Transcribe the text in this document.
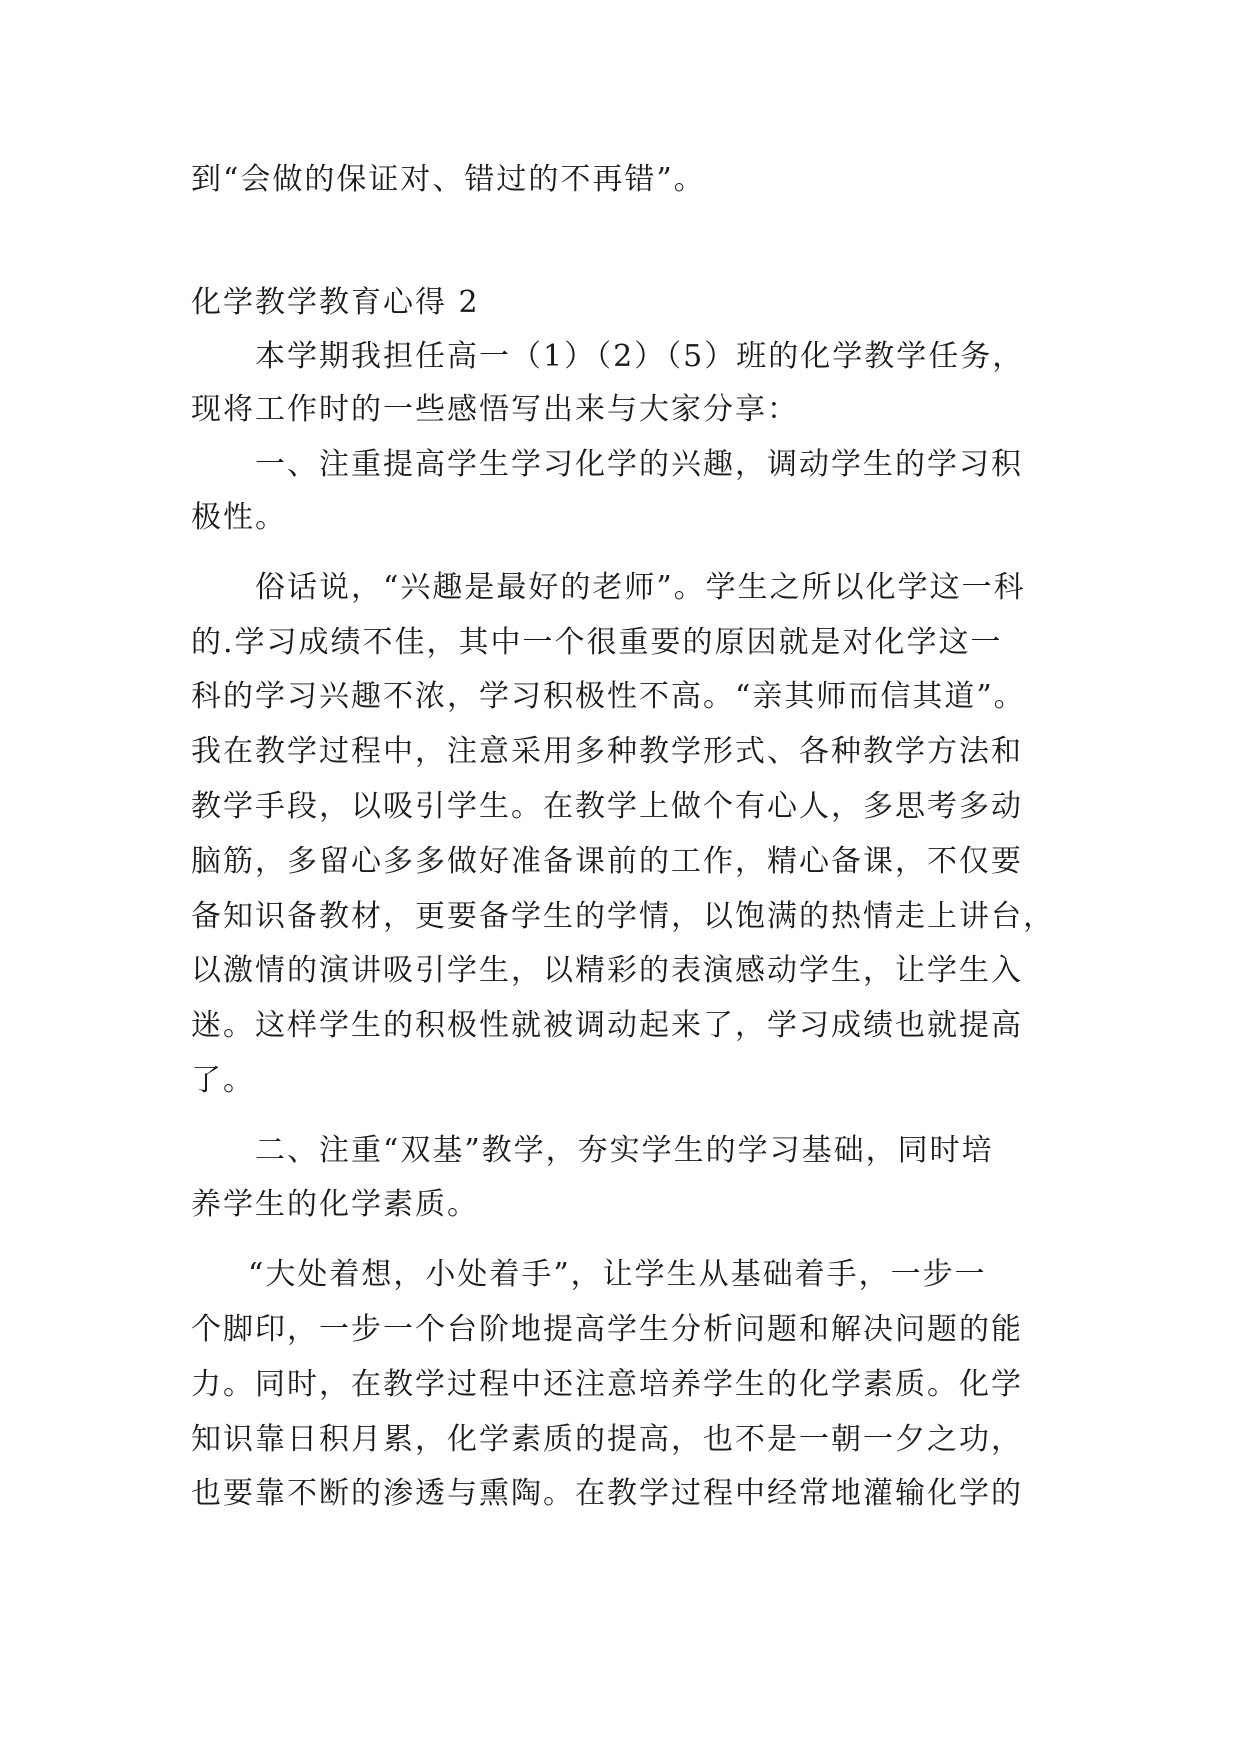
到“会做的保证对、错过的不再错”。
化学教学教育心得 2
本学期我担任高一（1）（2）（5）班的化学教学任务，
现将工作时的一些感悟写出来与大家分享：
一、注重提高学生学习化学的兴趣，调动学生的学习积
极性。
俗话说，“兴趣是最好的老师”。学生之所以化学这一科
的.学习成绩不佳，其中一个很重要的原因就是对化学这一
科的学习兴趣不浓，学习积极性不高。“亲其师而信其道”。
我在教学过程中，注意采用多种教学形式、各种教学方法和
教学手段，以吸引学生。在教学上做个有心人，多思考多动
脑筋，多留心多多做好准备课前的工作，精心备课，不仅要
备知识备教材，更要备学生的学情，以饱满的热情走上讲台，
以激情的演讲吸引学生，以精彩的表演感动学生，让学生入
迷。这样学生的积极性就被调动起来了，学习成绩也就提高
了。
二、注重“双基”教学，夯实学生的学习基础，同时培
养学生的化学素质。
“大处着想，小处着手”，让学生从基础着手，一步一
个脚印，一步一个台阶地提高学生分析问题和解决问题的能
力。同时，在教学过程中还注意培养学生的化学素质。化学
知识靠日积月累，化学素质的提高，也不是一朝一夕之功，
也要靠不断的渗透与熏陶。在教学过程中经常地灌输化学的
